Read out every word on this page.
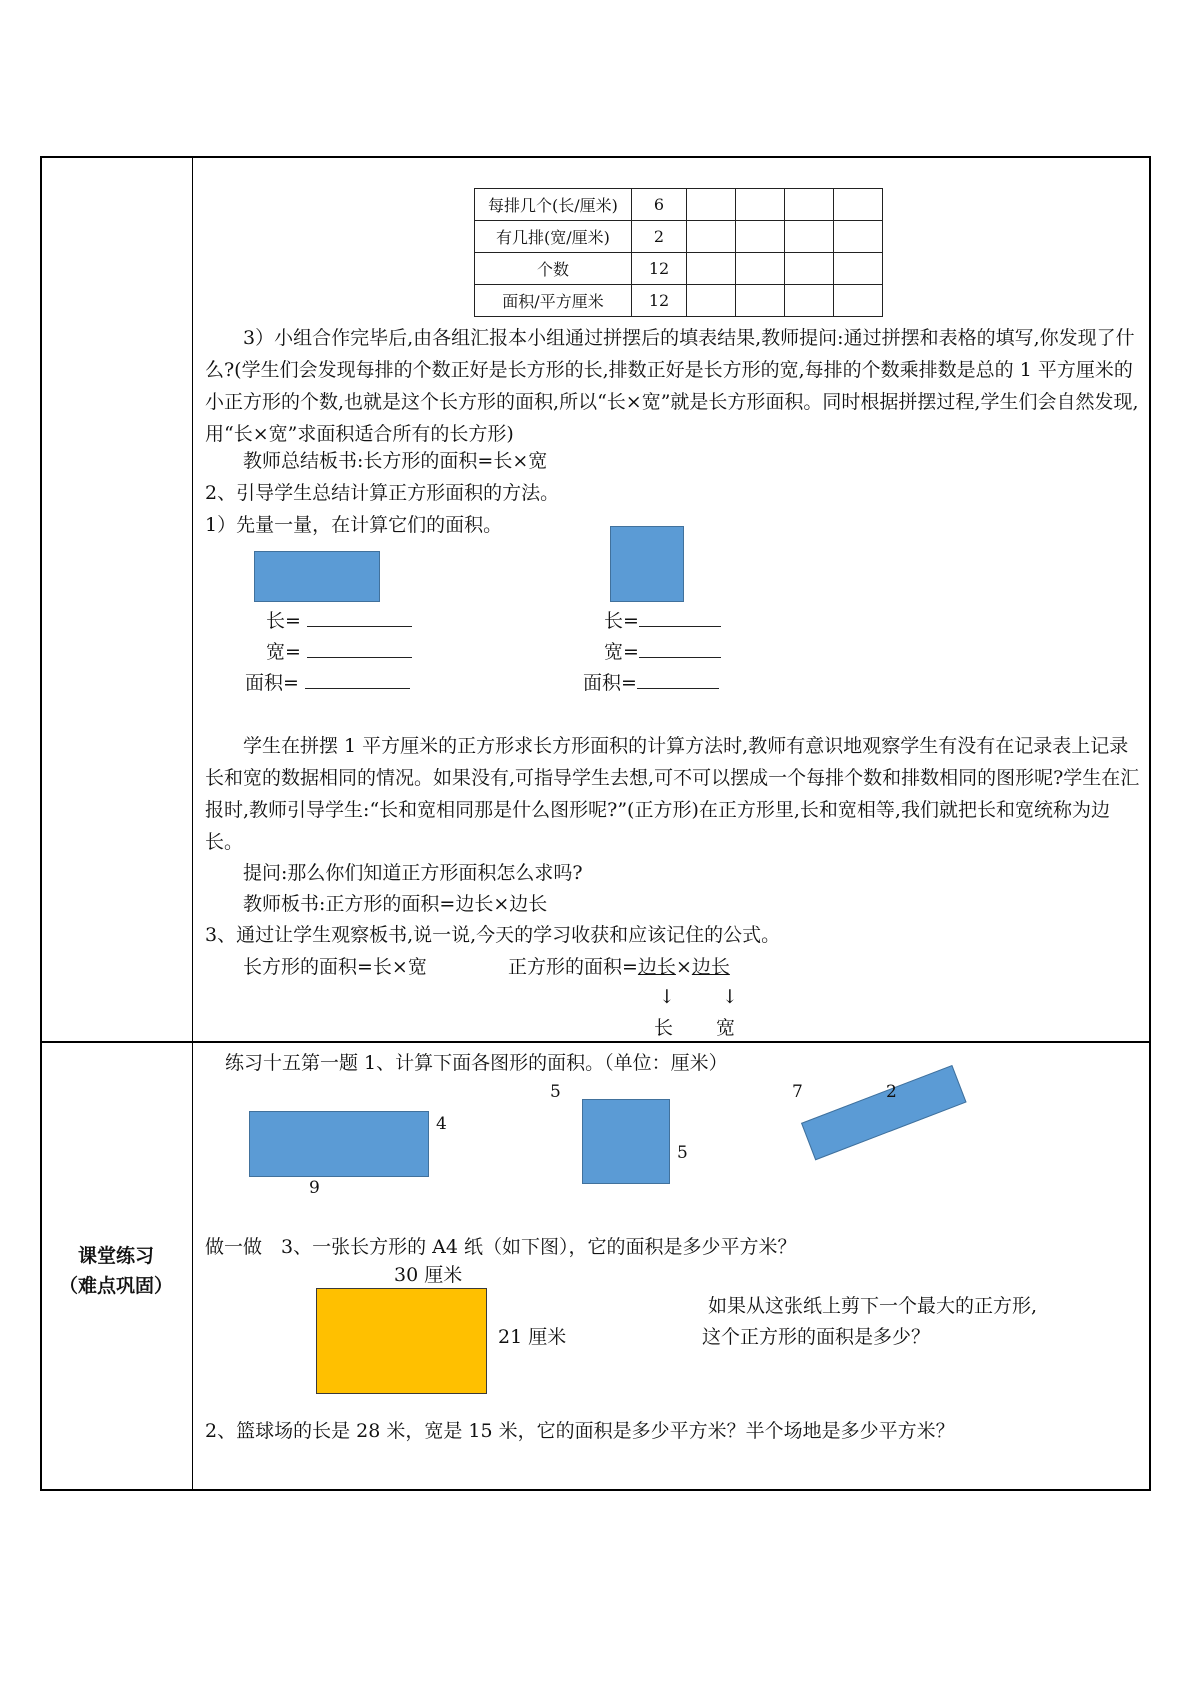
每排几个(长/厘米)	6				
有几排(宽/厘米)	2				
个数	12				
面积/平方厘米	12				
3）小组合作完毕后,由各组汇报本小组通过拼摆后的填表结果,教师提问:通过拼摆和表格的填写,你发现了什么?(学生们会发现每排的个数正好是长方形的长,排数正好是长方形的宽,每排的个数乘排数是总的 1 平方厘米的小正方形的个数,也就是这个长方形的面积,所以“长×宽”就是长方形面积。同时根据拼摆过程,学生们会自然发现,用“长×宽”求面积适合所有的长方形)
教师总结板书:长方形的面积=长×宽
2、引导学生总结计算正方形面积的方法。
1）先量一量，在计算它们的面积。
长=
宽=
面积=
长=
宽=
面积=
学生在拼摆 1 平方厘米的正方形求长方形面积的计算方法时,教师有意识地观察学生有没有在记录表上记录长和宽的数据相同的情况。如果没有,可指导学生去想,可不可以摆成一个每排个数和排数相同的图形呢?学生在汇报时,教师引导学生:“长和宽相同那是什么图形呢?”(正方形)在正方形里,长和宽相等,我们就把长和宽统称为边长。
提问:那么你们知道正方形面积怎么求吗?
教师板书:正方形的面积=边长×边长
3、通过让学生观察板书,说一说,今天的学习收获和应该记住的公式。
长方形的面积=长×宽	正方形的面积=边长×边长
↓ ↓
长 宽
课堂练习
（难点巩固）
练习十五第一题 1、计算下面各图形的面积。（单位：厘米）
4
9
5
5
7	2
做一做　3、一张长方形的 A4 纸（如下图），它的面积是多少平方米？
30 厘米
21 厘米
如果从这张纸上剪下一个最大的正方形,
这个正方形的面积是多少？
2、篮球场的长是 28 米，宽是 15 米，它的面积是多少平方米？半个场地是多少平方米？
